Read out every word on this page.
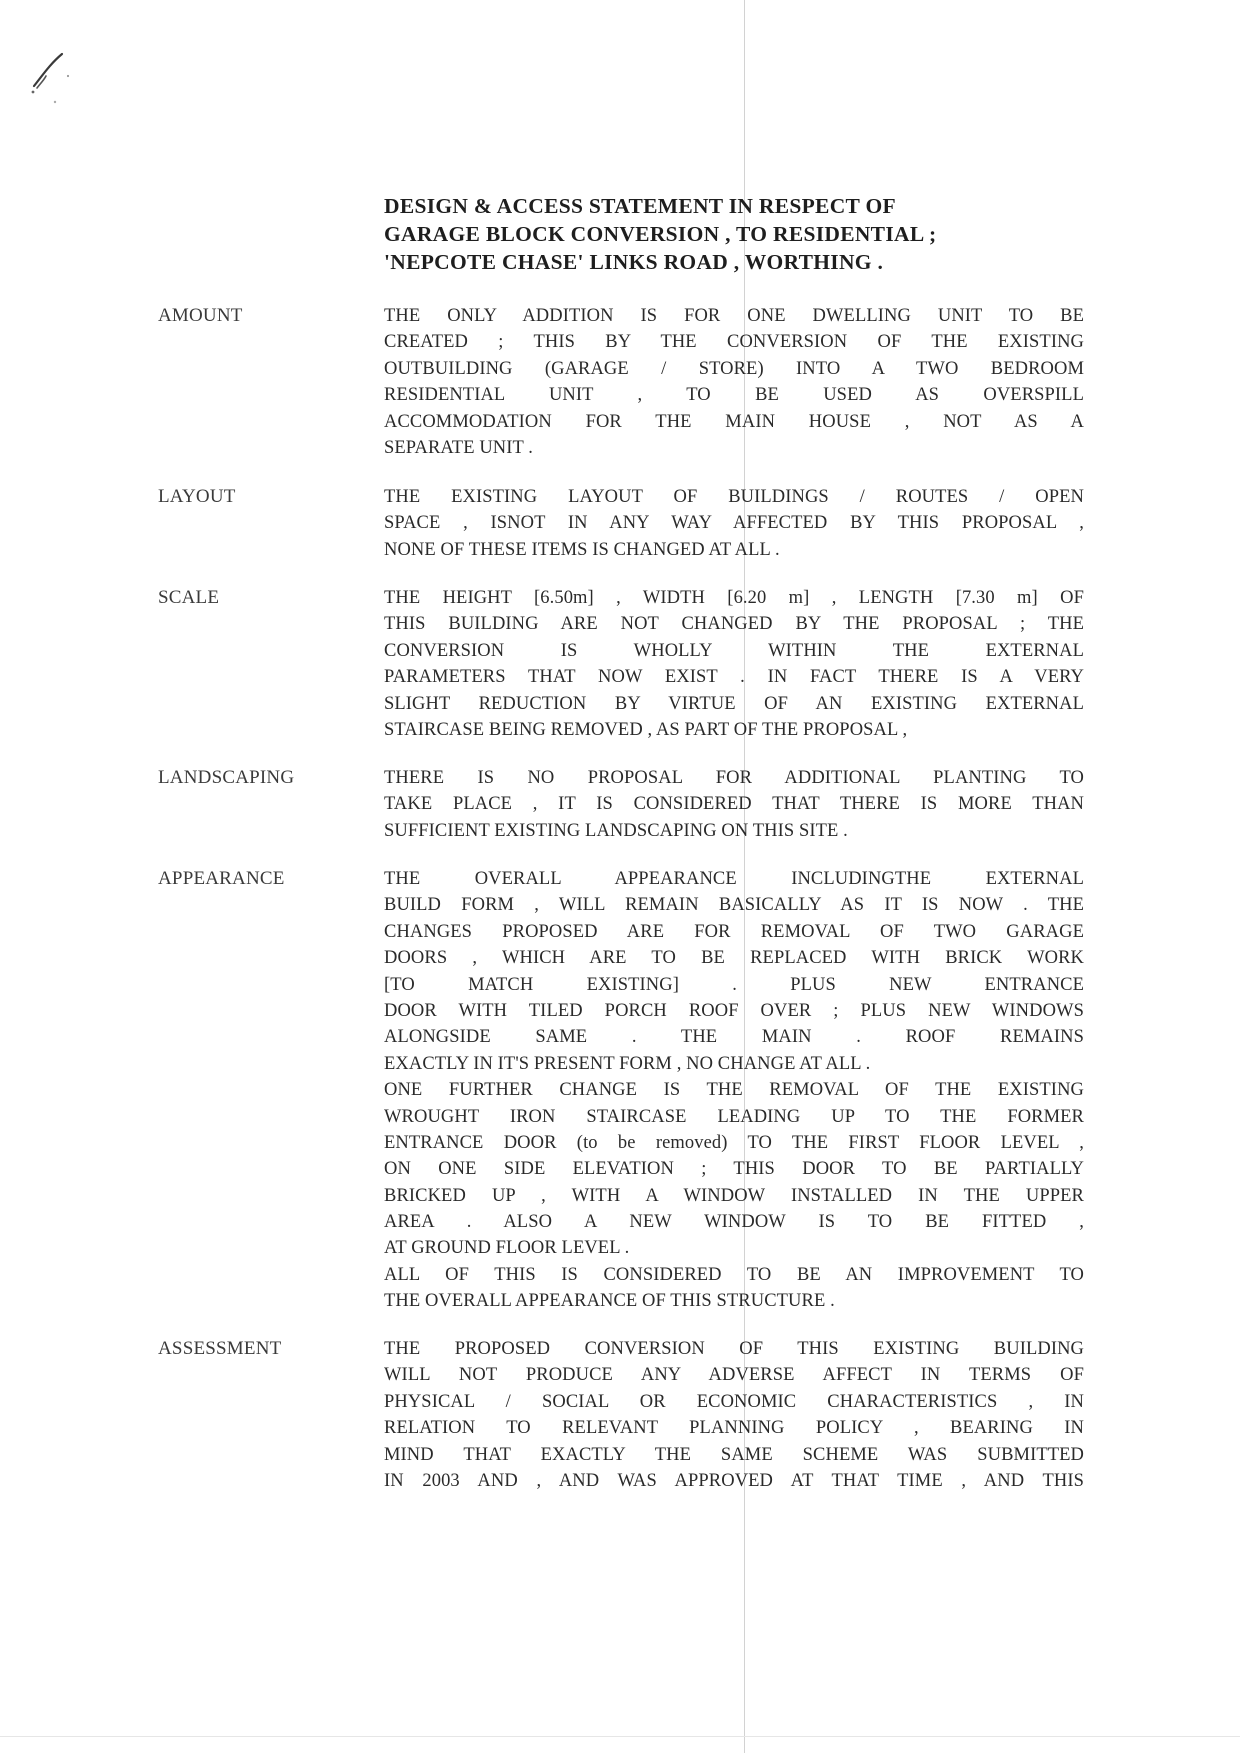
DESIGN & ACCESS STATEMENT IN RESPECT OF
GARAGE BLOCK CONVERSION , TO RESIDENTIAL ;
'NEPCOTE CHASE' LINKS ROAD , WORTHING .
AMOUNT	THE ONLY ADDITION IS FOR ONE DWELLING UNIT TO BE
CREATED ; THIS BY THE CONVERSION OF THE EXISTING
OUTBUILDING (GARAGE / STORE) INTO A TWO BEDROOM
RESIDENTIAL UNIT , TO BE USED AS OVERSPILL
ACCOMMODATION FOR THE MAIN HOUSE , NOT AS A
SEPARATE UNIT .
LAYOUT	THE EXISTING LAYOUT OF BUILDINGS / ROUTES / OPEN
SPACE , ISNOT IN ANY WAY AFFECTED BY THIS PROPOSAL ,
NONE OF THESE ITEMS IS CHANGED AT ALL .
SCALE	THE HEIGHT [6.50m] , WIDTH [6.20 m] , LENGTH [7.30 m] OF
THIS BUILDING ARE NOT CHANGED BY THE PROPOSAL ; THE
CONVERSION IS WHOLLY WITHIN THE EXTERNAL
PARAMETERS THAT NOW EXIST . IN FACT THERE IS A VERY
SLIGHT REDUCTION BY VIRTUE OF AN EXISTING EXTERNAL
STAIRCASE BEING REMOVED , AS PART OF THE PROPOSAL ,
LANDSCAPING	THERE IS NO PROPOSAL FOR ADDITIONAL PLANTING TO
TAKE PLACE , IT IS CONSIDERED THAT THERE IS MORE THAN
SUFFICIENT EXISTING LANDSCAPING ON THIS SITE .
APPEARANCE	THE OVERALL APPEARANCE INCLUDINGTHE EXTERNAL
BUILD FORM , WILL REMAIN BASICALLY AS IT IS NOW . THE
CHANGES PROPOSED ARE FOR REMOVAL OF TWO GARAGE
DOORS , WHICH ARE TO BE REPLACED WITH BRICK WORK
[TO MATCH EXISTING] . PLUS NEW ENTRANCE
DOOR WITH TILED PORCH ROOF OVER ; PLUS NEW WINDOWS
ALONGSIDE SAME . THE MAIN . ROOF REMAINS
EXACTLY IN IT'S PRESENT FORM , NO CHANGE AT ALL .
ONE FURTHER CHANGE IS THE REMOVAL OF THE EXISTING
WROUGHT IRON STAIRCASE LEADING UP TO THE FORMER
ENTRANCE DOOR (to be removed) TO THE FIRST FLOOR LEVEL ,
ON ONE SIDE ELEVATION ; THIS DOOR TO BE PARTIALLY
BRICKED UP , WITH A WINDOW INSTALLED IN THE UPPER
AREA . ALSO A NEW WINDOW IS TO BE FITTED ,
AT GROUND FLOOR LEVEL .
ALL OF THIS IS CONSIDERED TO BE AN IMPROVEMENT TO
THE OVERALL APPEARANCE OF THIS STRUCTURE .
ASSESSMENT	THE PROPOSED CONVERSION OF THIS EXISTING BUILDING
WILL NOT PRODUCE ANY ADVERSE AFFECT IN TERMS OF
PHYSICAL / SOCIAL OR ECONOMIC CHARACTERISTICS , IN
RELATION TO RELEVANT PLANNING POLICY , BEARING IN
MIND THAT EXACTLY THE SAME SCHEME WAS SUBMITTED
IN 2003 AND , AND WAS APPROVED AT THAT TIME , AND THIS
